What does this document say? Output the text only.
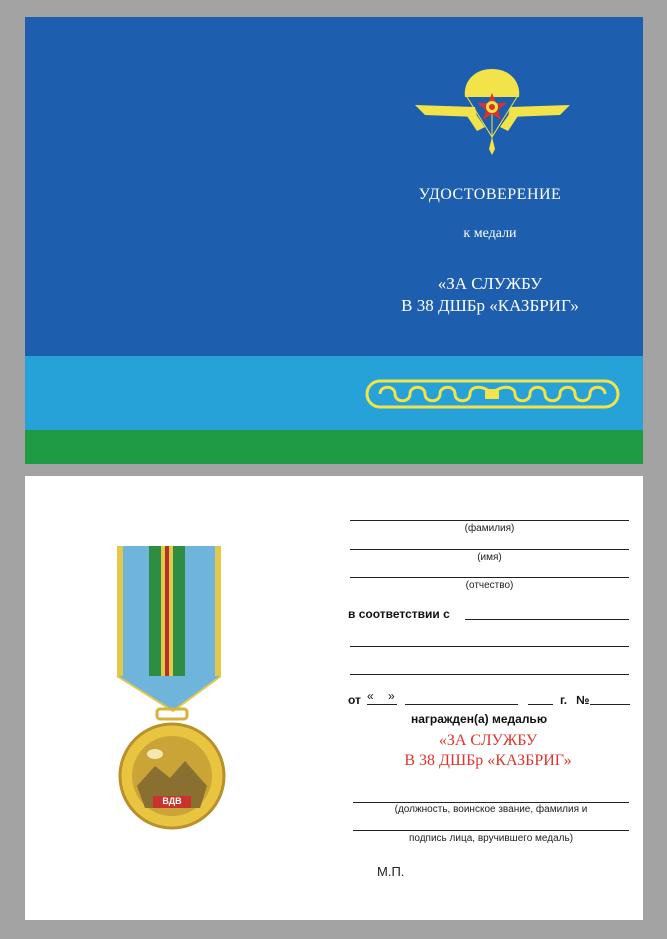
УДОСТОВЕРЕНИЕ
к медали
«ЗА СЛУЖБУ
В 38 ДШБр «КАЗБРИГ»
ВДВ
(фамилия)
(имя)
(отчество)
в соответствии с
от « »	г. №
награжден(а) медалью
«ЗА СЛУЖБУ
В 38 ДШБр «КАЗБРИГ»
(должность, воинское звание, фамилия и
подпись лица, вручившего медаль)
М.П.
